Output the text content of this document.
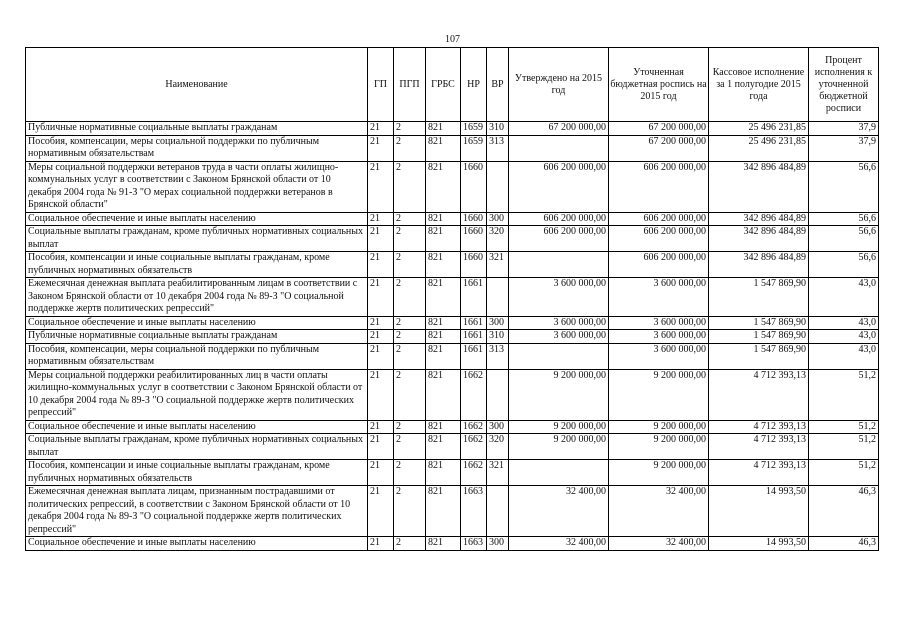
107
Наименование	ГП	ПГП	ГРБС	НР	ВР	Утверждено на 2015 год	Уточненная бюджетная роспись на 2015 год	Кассовое исполнение за 1 полугодие 2015 года	Процент исполнения к уточненной бюджетной росписи
Публичные нормативные социальные выплаты гражданам	21	2	821	1659	310	67 200 000,00	67 200 000,00	25 496 231,85	37,9
Пособия, компенсации, меры социальной поддержки по публичным нормативным обязательствам	21	2	821	1659	313		67 200 000,00	25 496 231,85	37,9
Меры социальной поддержки ветеранов труда в части оплаты жилищно-коммунальных услуг в соответствии с Законом Брянской области от 10 декабря 2004 года № 91-З "О мерах социальной поддержки ветеранов в Брянской области"	21	2	821	1660		606 200 000,00	606 200 000,00	342 896 484,89	56,6
Социальное обеспечение и иные выплаты населению	21	2	821	1660	300	606 200 000,00	606 200 000,00	342 896 484,89	56,6
Социальные выплаты гражданам, кроме публичных нормативных социальных выплат	21	2	821	1660	320	606 200 000,00	606 200 000,00	342 896 484,89	56,6
Пособия, компенсации и иные социальные выплаты гражданам, кроме публичных нормативных обязательств	21	2	821	1660	321		606 200 000,00	342 896 484,89	56,6
Ежемесячная денежная выплата реабилитированным лицам в соответствии с Законом Брянской области от 10 декабря 2004 года № 89-З "О социальной поддержке жертв политических репрессий"	21	2	821	1661		3 600 000,00	3 600 000,00	1 547 869,90	43,0
Социальное обеспечение и иные выплаты населению	21	2	821	1661	300	3 600 000,00	3 600 000,00	1 547 869,90	43,0
Публичные нормативные социальные выплаты гражданам	21	2	821	1661	310	3 600 000,00	3 600 000,00	1 547 869,90	43,0
Пособия, компенсации, меры социальной поддержки по публичным нормативным обязательствам	21	2	821	1661	313		3 600 000,00	1 547 869,90	43,0
Меры социальной поддержки реабилитированных лиц в части оплаты жилищно-коммунальных услуг в соответствии с Законом Брянской области от 10 декабря 2004 года № 89-З "О социальной поддержке жертв политических репрессий"	21	2	821	1662		9 200 000,00	9 200 000,00	4 712 393,13	51,2
Социальное обеспечение и иные выплаты населению	21	2	821	1662	300	9 200 000,00	9 200 000,00	4 712 393,13	51,2
Социальные выплаты гражданам, кроме публичных нормативных социальных выплат	21	2	821	1662	320	9 200 000,00	9 200 000,00	4 712 393,13	51,2
Пособия, компенсации и иные социальные выплаты гражданам, кроме публичных нормативных обязательств	21	2	821	1662	321		9 200 000,00	4 712 393,13	51,2
Ежемесячная денежная выплата лицам, признанным пострадавшими от политических репрессий, в соответствии с Законом Брянской области от 10 декабря 2004 года № 89-З "О социальной поддержке жертв политических репрессий"	21	2	821	1663		32 400,00	32 400,00	14 993,50	46,3
Социальное обеспечение и иные выплаты населению	21	2	821	1663	300	32 400,00	32 400,00	14 993,50	46,3
